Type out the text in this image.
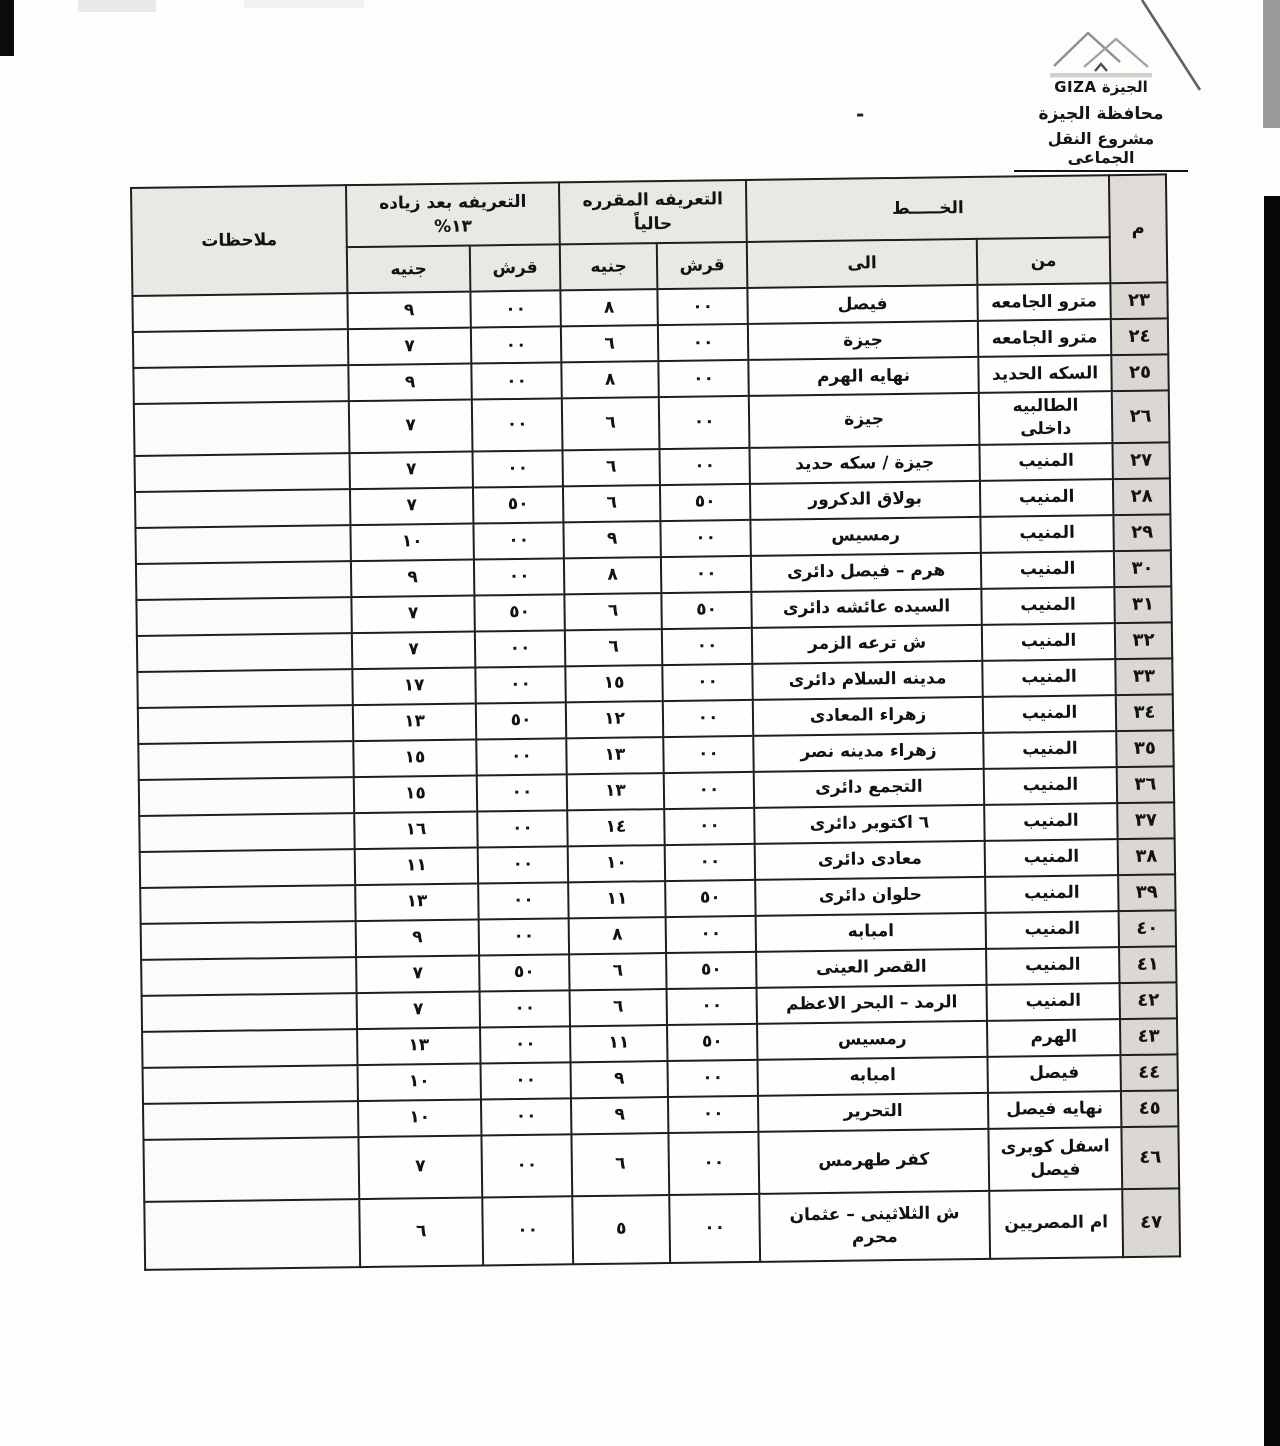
الجيزة GIZA
محافظة الجيزة
مشروع النقل الجماعى
-
م	الخـــــط	
التعريفه المقرره
حالياً

التعريفه بعد زياده
١٣%
	ملاحظات
	من	الى	قرش	جنيه	قرش	جنيه	
٢٣	مترو الجامعه	فيصل	٠٠	٨	٠٠	٩	
٢٤	مترو الجامعه	جيزة	٠٠	٦	٠٠	٧	
٢٥	السكه الحديد	نهايه الهرم	٠٠	٨	٠٠	٩	
٢٦	الطالبيه داخلى	جيزة	٠٠	٦	٠٠	٧	
٢٧	المنيب	جيزة / سكه حديد	٠٠	٦	٠٠	٧	
٢٨	المنيب	بولاق الدكرور	٥٠	٦	٥٠	٧	
٢٩	المنيب	رمسيس	٠٠	٩	٠٠	١٠	
٣٠	المنيب	هرم – فيصل دائرى	٠٠	٨	٠٠	٩	
٣١	المنيب	السيده عائشه دائرى	٥٠	٦	٥٠	٧	
٣٢	المنيب	ش ترعه الزمر	٠٠	٦	٠٠	٧	
٣٣	المنيب	مدينه السلام دائرى	٠٠	١٥	٠٠	١٧	
٣٤	المنيب	زهراء المعادى	٠٠	١٢	٥٠	١٣	
٣٥	المنيب	زهراء مدينه نصر	٠٠	١٣	٠٠	١٥	
٣٦	المنيب	التجمع دائرى	٠٠	١٣	٠٠	١٥	
٣٧	المنيب	٦ اكتوبر دائرى	٠٠	١٤	٠٠	١٦	
٣٨	المنيب	معادى دائرى	٠٠	١٠	٠٠	١١	
٣٩	المنيب	حلوان دائرى	٥٠	١١	٠٠	١٣	
٤٠	المنيب	امبابه	٠٠	٨	٠٠	٩	
٤١	المنيب	القصر العينى	٥٠	٦	٥٠	٧	
٤٢	المنيب	الرمد – البحر الاعظم	٠٠	٦	٠٠	٧	
٤٣	الهرم	رمسيس	٥٠	١١	٠٠	١٣	
٤٤	فيصل	امبابه	٠٠	٩	٠٠	١٠	
٤٥	نهايه فيصل	التحرير	٠٠	٩	٠٠	١٠	
٤٦	اسفل كوبرى فيصل	كفر طهرمس	٠٠	٦	٠٠	٧	
٤٧	ام المصريين	ش الثلاثينى – عثمان محرم	٠٠	٥	٠٠	٦	
